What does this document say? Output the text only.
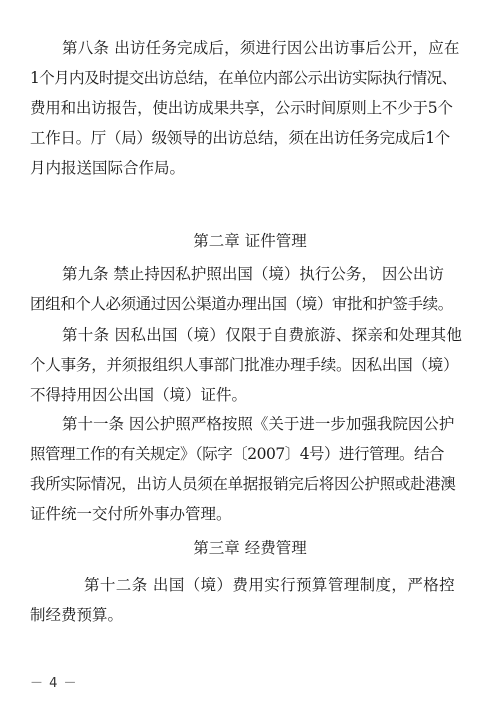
第八条 出访任务完成后，须进行因公出访事后公开，应在
1个月内及时提交出访总结，在单位内部公示出访实际执行情况、
费用和出访报告，使出访成果共享，公示时间原则上不少于5个
工作日。厅（局）级领导的出访总结，须在出访任务完成后1个
月内报送国际合作局。
第二章 证件管理
第九条 禁止持因私护照出国（境）执行公务， 因公出访
团组和个人必须通过因公渠道办理出国（境）审批和护签手续。
第十条 因私出国（境）仅限于自费旅游、探亲和处理其他
个人事务，并须报组织人事部门批准办理手续。因私出国（境）
不得持用因公出国（境）证件。
第十一条 因公护照严格按照《关于进一步加强我院因公护
照管理工作的有关规定》（际字〔2007〕4号）进行管理。结合
我所实际情况，出访人员须在单据报销完后将因公护照或赴港澳
证件统一交付所外事办管理。
第三章 经费管理
第十二条 出国（境）费用实行预算管理制度，严格控
制经费预算。
－ 4 －
